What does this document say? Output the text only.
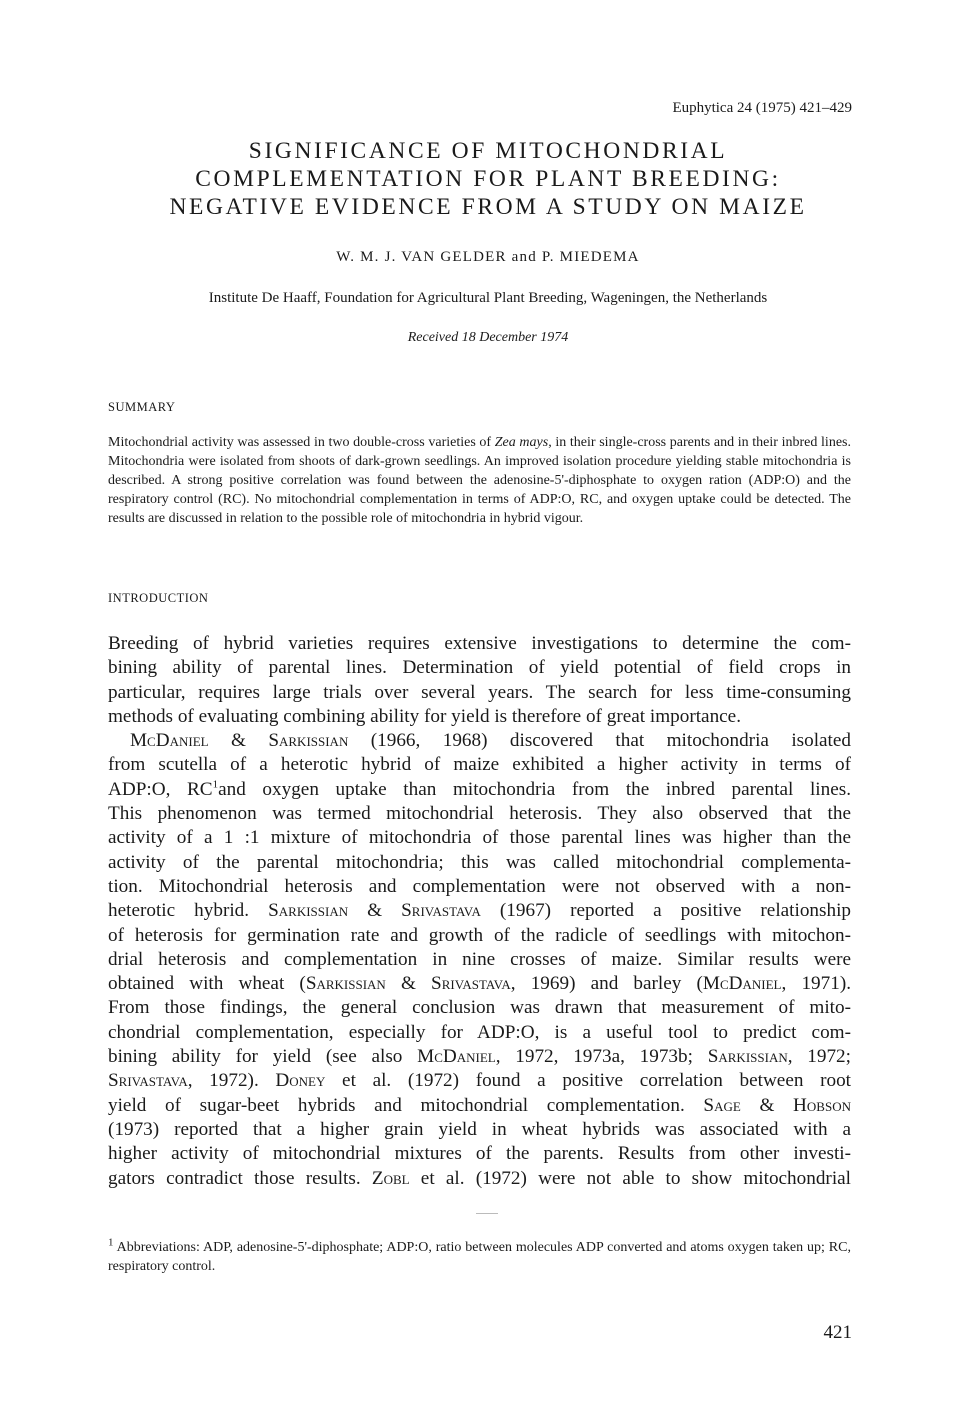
Euphytica 24 (1975) 421–429
SIGNIFICANCE OF MITOCHONDRIAL
COMPLEMENTATION FOR PLANT BREEDING:
NEGATIVE EVIDENCE FROM A STUDY ON MAIZE
W. M. J. VAN GELDER and P. MIEDEMA
Institute De Haaff, Foundation for Agricultural Plant Breeding, Wageningen, the Netherlands
Received 18 December 1974
SUMMARY
Mitochondrial activity was assessed in two double-cross varieties of Zea mays, in their single-cross parents and in their inbred lines. Mitochondria were isolated from shoots of dark-grown seedlings. An improved isolation procedure yielding stable mitochondria is described. A strong positive correlation was found between the adenosine-5'-diphosphate to oxygen ration (ADP:O) and the respiratory control (RC). No mitochondrial complementation in terms of ADP:O, RC, and oxygen uptake could be detected. The results are discussed in relation to the possible role of mitochondria in hybrid vigour.
INTRODUCTION
Breeding of hybrid varieties requires extensive investigations to determine the com-
bining ability of parental lines. Determination of yield potential of field crops in
particular, requires large trials over several years. The search for less time-consuming
methods of evaluating combining ability for yield is therefore of great importance.
McDaniel & Sarkissian (1966, 1968) discovered that mitochondria isolated
from scutella of a heterotic hybrid of maize exhibited a higher activity in terms of
ADP:O, $RC^1and$ oxygen uptake than mitochondria from the inbred parental lines.
This phenomenon was termed mitochondrial heterosis. They also observed that the
activity of a 1 :1 mixture of mitochondria of those parental lines was higher than the
activity of the parental mitochondria; this was called mitochondrial complementa-
tion. Mitochondrial heterosis and complementation were not observed with a non-
heterotic hybrid. Sarkissian & Srivastava (1967) reported a positive relationship
of heterosis for germination rate and growth of the radicle of seedlings with mitochon-
drial heterosis and complementation in nine crosses of maize. Similar results were
obtained with wheat (Sarkissian & Srivastava, 1969) and barley (McDaniel, 1971).
From those findings, the general conclusion was drawn that measurement of mito-
chondrial complementation, especially for ADP:O, is a useful tool to predict com-
bining ability for yield (see also McDaniel, 1972, 1973a, 1973b; Sarkissian, 1972;
Srivastava, 1972). Doney et al. (1972) found a positive correlation between root
yield of sugar-beet hybrids and mitochondrial complementation. Sage & Hobson
(1973) reported that a higher grain yield in wheat hybrids was associated with a
higher activity of mitochondrial mixtures of the parents. Results from other investi-
gators contradict those results. Zobl et al. (1972) were not able to show mitochondrial
$^1$ Abbreviations: ADP, adenosine-5'-diphosphate; ADP:O, ratio between molecules ADP converted and atoms oxygen taken up; RC, respiratory control.
421
